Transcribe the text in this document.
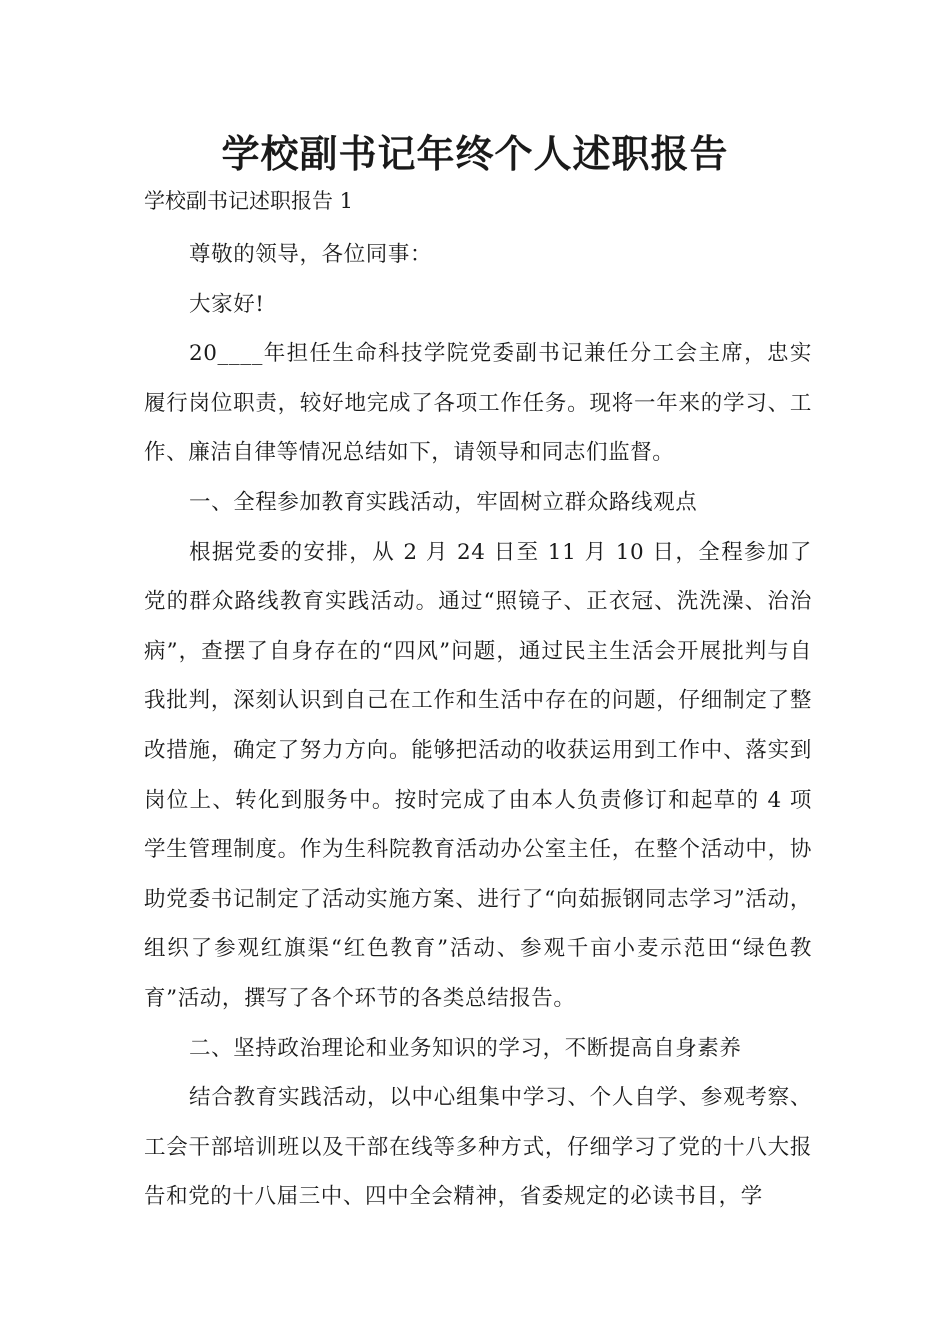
学校副书记年终个人述职报告
学校副书记述职报告 1

尊敬的领导，各位同事：

大家好!

20____年担任生命科技学院党委副书记兼任分工会主席，忠实履行岗位职责，较好地完成了各项工作任务。现将一年来的学习、工作、廉洁自律等情况总结如下，请领导和同志们监督。

一、全程参加教育实践活动，牢固树立群众路线观点

根据党委的安排，从 2 月 24 日至 11 月 10 日，全程参加了党的群众路线教育实践活动。通过“照镜子、正衣冠、洗洗澡、治治病”，查摆了自身存在的“四风”问题，通过民主生活会开展批判与自我批判，深刻认识到自己在工作和生活中存在的问题，仔细制定了整改措施，确定了努力方向。能够把活动的收获运用到工作中、落实到岗位上、转化到服务中。按时完成了由本人负责修订和起草的 4 项学生管理制度。作为生科院教育活动办公室主任，在整个活动中，协助党委书记制定了活动实施方案、进行了“向茹振钢同志学习”活动，组织了参观红旗渠“红色教育”活动、参观千亩小麦示范田“绿色教育”活动，撰写了各个环节的各类总结报告。

二、坚持政治理论和业务知识的学习，不断提高自身素养

结合教育实践活动，以中心组集中学习、个人自学、参观考察、工会干部培训班以及干部在线等多种方式，仔细学习了党的十八大报告和党的十八届三中、四中全会精神，省委规定的必读书目，学
